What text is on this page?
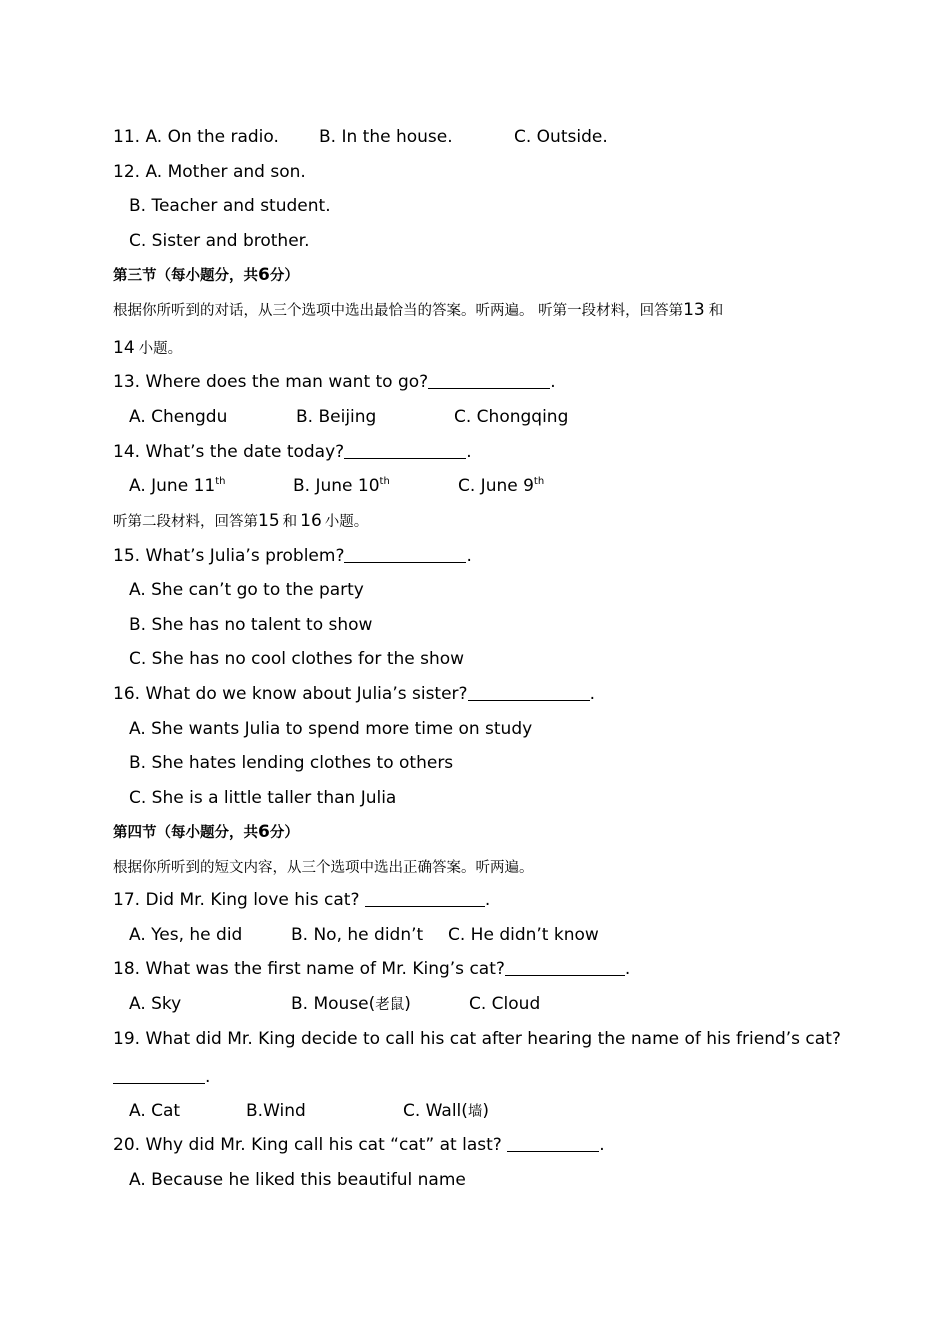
11. A. On the radio. B. In the house.	C. Outside.
12. A. Mother and son.
B. Teacher and student.
C. Sister and brother.
第三节（每小题分，共6分）
根据你所听到的对话，从三个选项中选出最恰当的答案。听两遍。 听第一段材料，回答第13 和
14 小题。
13. Where does the man want to go?	.
A. Chengdu	B. Beijing	C. Chongqing
14. What’s the date today?	.
A. June 11th	B. June 10th	C. June 9th
听第二段材料，回答第15 和 16 小题。
15. What’s Julia’s problem?	.
A. She can’t go to the party
B. She has no talent to show
C. She has no cool clothes for the show
16. What do we know about Julia’s sister?	.
A. She wants Julia to spend more time on study
B. She hates lending clothes to others
C. She is a little taller than Julia
第四节（每小题分，共6分）
根据你所听到的短文内容，从三个选项中选出正确答案。听两遍。
17. Did Mr. King love his cat?	.
A. Yes, he did	B. No, he didn’t C. He didn’t know
18. What was the first name of Mr. King’s cat?	.
A. Sky	B. Mouse(老鼠)	C. Cloud
19. What did Mr. King decide to call his cat after hearing the name of his friend’s cat?
.
A. Cat	B.Wind	C. Wall(墙)
20. Why did Mr. King call his cat “cat” at last?	.
A. Because he liked this beautiful name
